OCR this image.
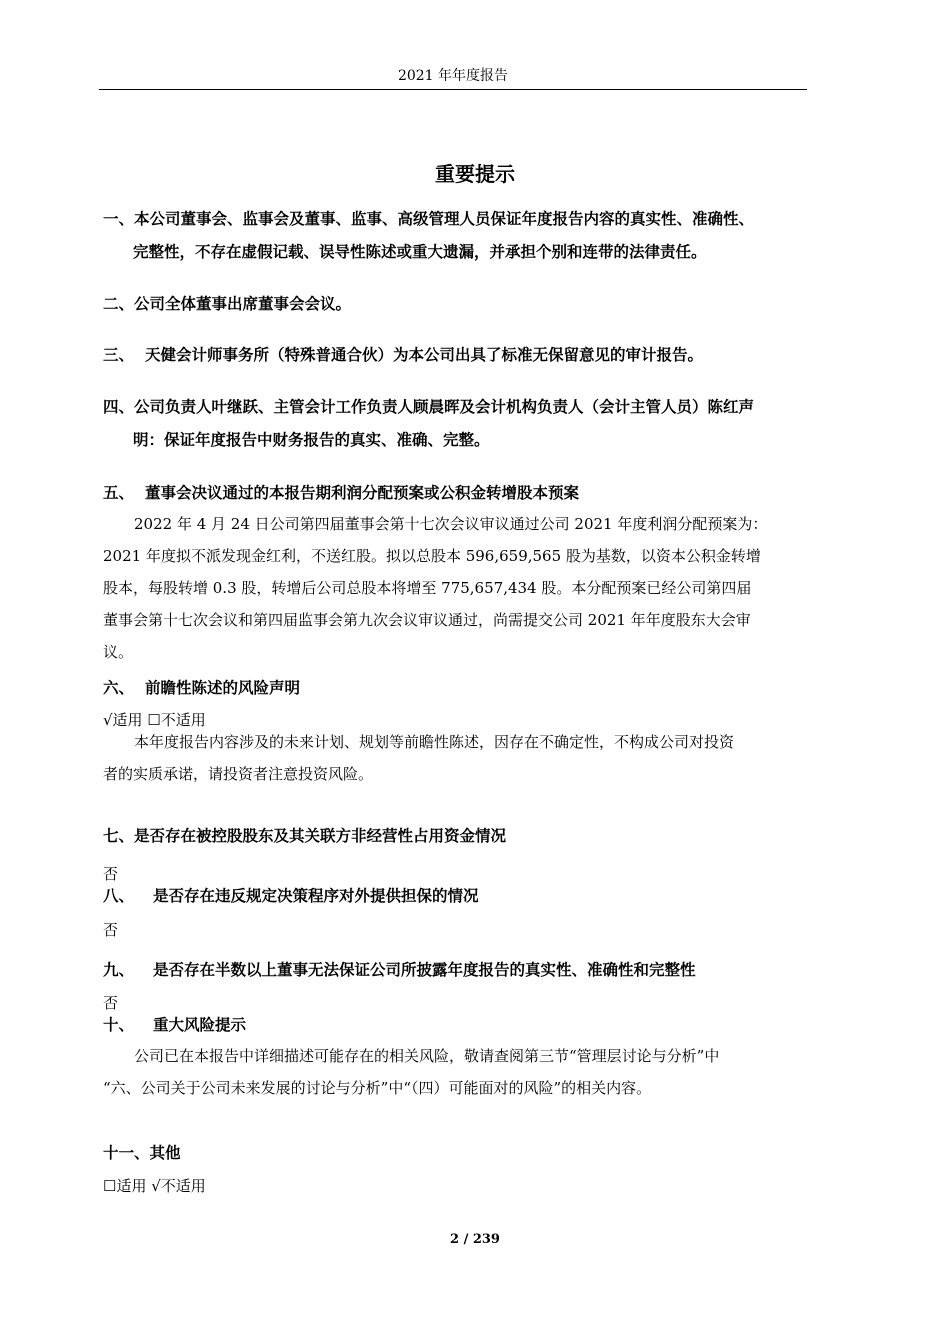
2021 年年度报告
重要提示
一、本公司董事会、监事会及董事、监事、高级管理人员保证年度报告内容的真实性、准确性、
完整性，不存在虚假记载、误导性陈述或重大遗漏，并承担个别和连带的法律责任。
二、公司全体董事出席董事会会议。
三、 天健会计师事务所（特殊普通合伙）为本公司出具了标准无保留意见的审计报告。
四、公司负责人叶继跃、主管会计工作负责人顾晨晖及会计机构负责人（会计主管人员）陈红声
明：保证年度报告中财务报告的真实、准确、完整。
五、 董事会决议通过的本报告期利润分配预案或公积金转增股本预案
2022 年 4 月 24 日公司第四届董事会第十七次会议审议通过公司 2021 年度利润分配预案为：
2021 年度拟不派发现金红利，不送红股。拟以总股本 596,659,565 股为基数，以资本公积金转增
股本，每股转增 0.3 股，转增后公司总股本将增至 775,657,434 股。本分配预案已经公司第四届
董事会第十七次会议和第四届监事会第九次会议审议通过，尚需提交公司 2021 年年度股东大会审
议。
六、 前瞻性陈述的风险声明
√适用 ☐不适用
本年度报告内容涉及的未来计划、规划等前瞻性陈述，因存在不确定性，不构成公司对投资
者的实质承诺，请投资者注意投资风险。
七、是否存在被控股股东及其关联方非经营性占用资金情况
否
八、 是否存在违反规定决策程序对外提供担保的情况
否
九、 是否存在半数以上董事无法保证公司所披露年度报告的真实性、准确性和完整性
否
十、 重大风险提示
公司已在本报告中详细描述可能存在的相关风险，敬请查阅第三节“管理层讨论与分析”中
“六、公司关于公司未来发展的讨论与分析”中“（四）可能面对的风险”的相关内容。
十一、其他
☐适用 √不适用
2 / 239
